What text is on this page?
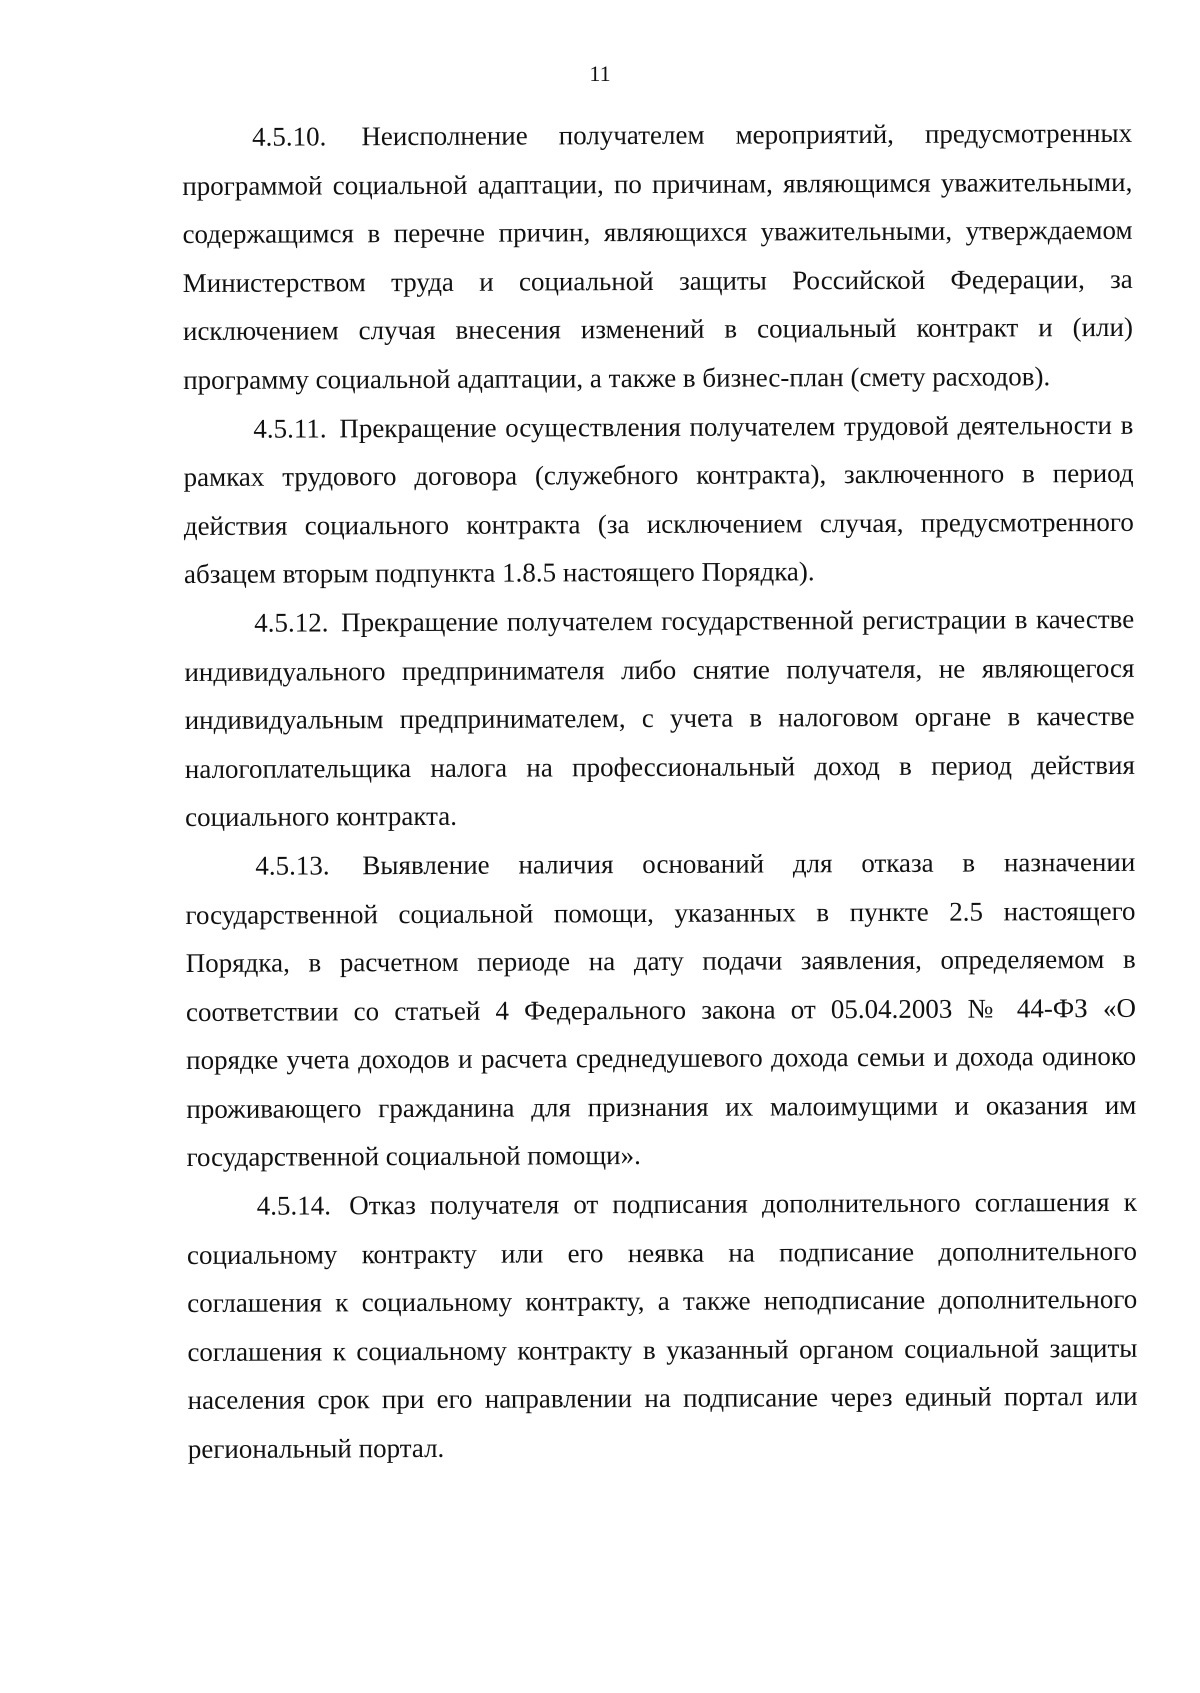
11

4.5.10. Неисполнение получателем мероприятий, предусмотренных программой социальной адаптации, по причинам, являющимся уважительными, содержащимся в перечне причин, являющихся уважительными, утверждаемом Министерством труда и социальной защиты Российской Федерации, за исключением случая внесения изменений в социальный контракт и (или) программу социальной адаптации, а также в бизнес-план (смету расходов).

4.5.11. Прекращение осуществления получателем трудовой деятельности в рамках трудового договора (служебного контракта), заключенного в период действия социального контракта (за исключением случая, предусмотренного абзацем вторым подпункта 1.8.5 настоящего Порядка).

4.5.12. Прекращение получателем государственной регистрации в качестве индивидуального предпринимателя либо снятие получателя, не являющегося индивидуальным предпринимателем, с учета в налоговом органе в качестве налогоплательщика налога на профессиональный доход в период действия социального контракта.

4.5.13. Выявление наличия оснований для отказа в назначении государственной социальной помощи, указанных в пункте 2.5 настоящего Порядка, в расчетном периоде на дату подачи заявления, определяемом в соответствии со статьей 4 Федерального закона от 05.04.2003 № 44-ФЗ «О порядке учета доходов и расчета среднедушевого дохода семьи и дохода одиноко проживающего гражданина для признания их малоимущими и оказания им государственной социальной помощи».

4.5.14. Отказ получателя от подписания дополнительного соглашения к социальному контракту или его неявка на подписание дополнительного соглашения к социальному контракту, а также неподписание дополнительного соглашения к социальному контракту в указанный органом социальной защиты населения срок при его направлении на подписание через единый портал или региональный портал.
